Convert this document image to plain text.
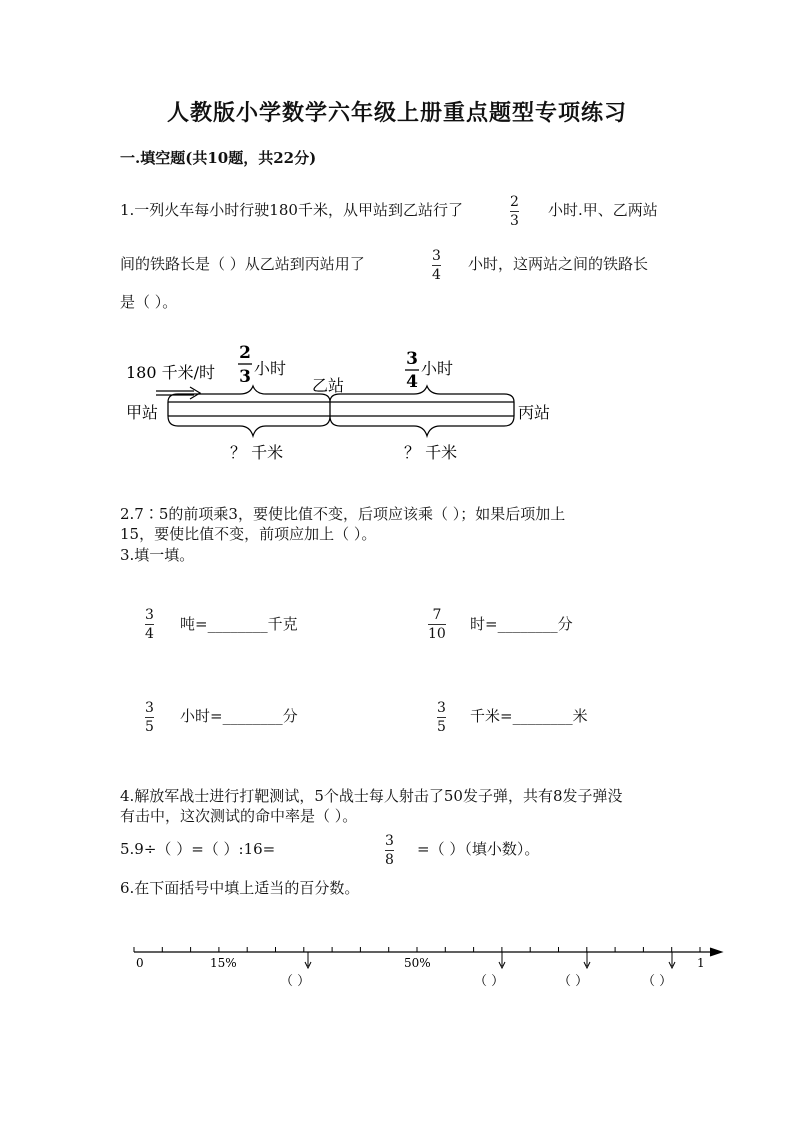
人教版小学数学六年级上册重点题型专项练习
一.填空题(共10题，共22分)
1.一列火车每小时行驶180千米，从甲站到乙站行了	2
3
小时.甲、乙两站
间的铁路长是（ ）从乙站到丙站用了	3
4
小时，这两站之间的铁路长
是（ ）。
180 千米/时
2
3 小时	3
4
小时
甲站
乙站
丙站
？ 千米	？ 千米
2.7∶5的前项乘3，要使比值不变，后项应该乘（ ）；如果后项加上
15，要使比值不变，前项应加上（ ）。
3.填一填。
3
4
吨=________千克	7
10
时=________分
3
5
小时=________分	3
5
千米=________米
4.解放军战士进行打靶测试，5个战士每人射击了50发子弹，共有8发子弹没
有击中，这次测试的命中率是（ ）。
5.9÷（ ）=（ ）:16=	3
8
=（ ）（填小数）。
6.在下面括号中填上适当的百分数。
0	15%	50%	1
（ ）	（ ）	（ ）	（ ）
